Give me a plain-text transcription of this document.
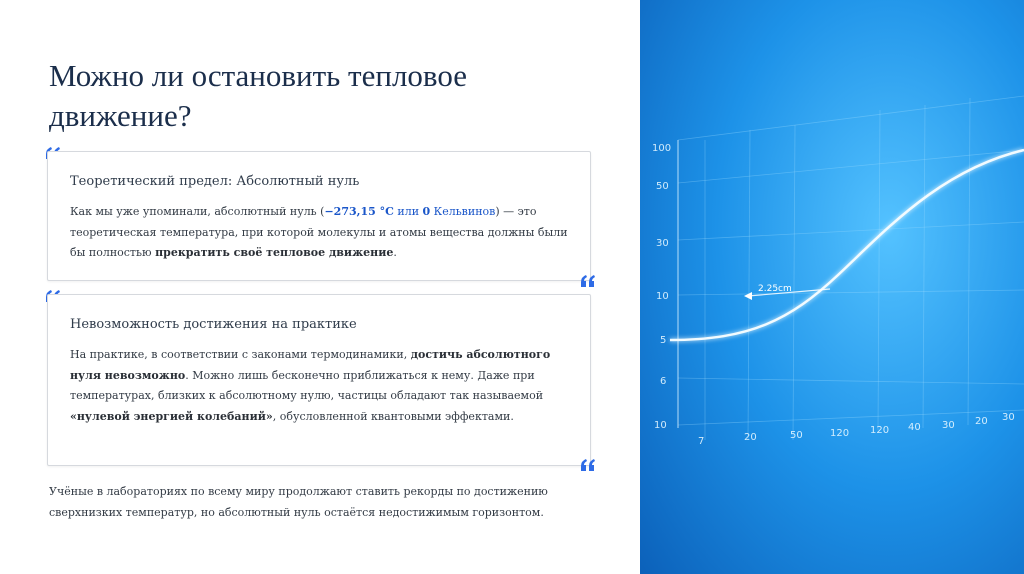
Можно ли остановить тепловое движение?
Теоретический предел: Абсолютный нуль
Как мы уже упоминали, абсолютный нуль (−273,15 °C или 0 Кельвинов) — это теоретическая температура, при которой молекулы и атомы вещества должны были бы полностью прекратить своё тепловое движение.
Невозможность достижения на практике
На практике, в соответствии с законами термодинамики, достичь абсолютного нуля невозможно. Можно лишь бесконечно приближаться к нему. Даже при температурах, близких к абсолютному нулю, частицы обладают так называемой «нулевой энергией колебаний», обусловленной квантовыми эффектами.
Учёные в лабораториях по всему миру продолжают ставить рекорды по достижению сверхнизких температур, но абсолютный нуль остаётся недостижимым горизонтом.
100
50
30
10
5
6
10
7	20	50	120 120 40 30 20 30
2.25cm
